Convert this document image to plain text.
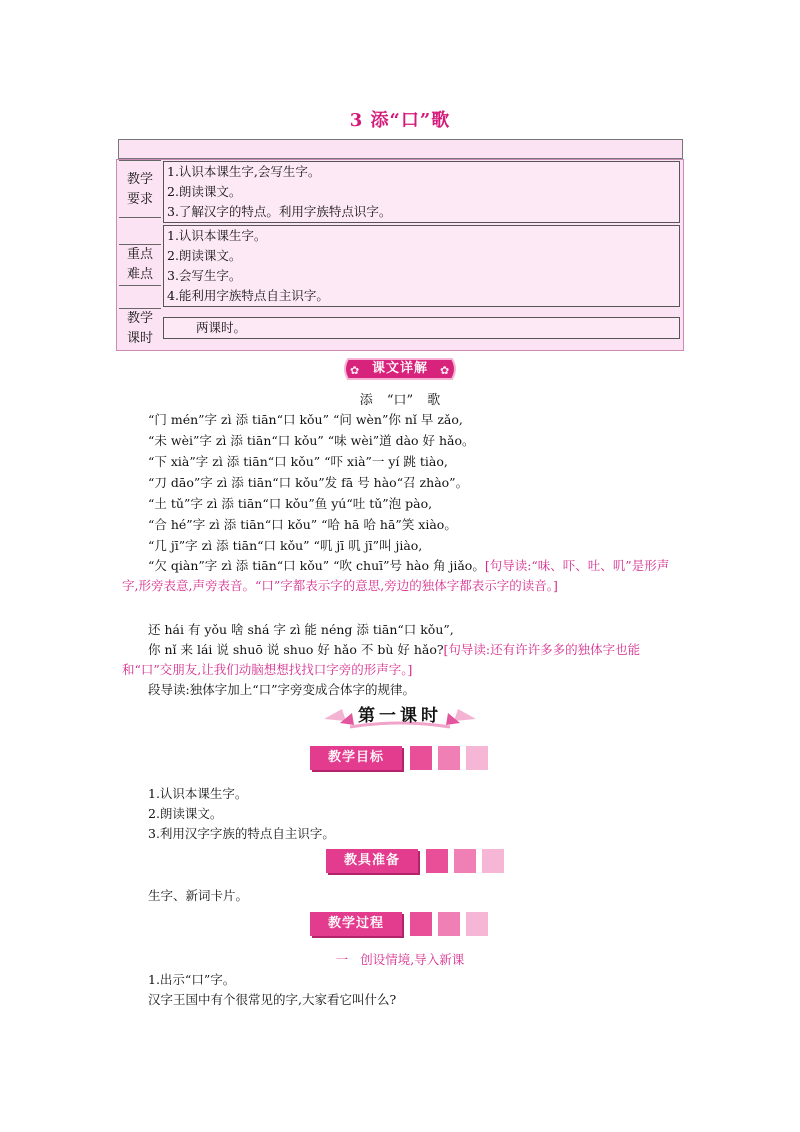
3 添“口”歌
教学
要求
1.认识本课生字,会写生字。
2.朗读课文。
3.了解汉字的特点。利用字族特点识字。
重点
难点
1.认识本课生字。
2.朗读课文。
3.会写生字。
4.能利用字族特点自主识字。
教学
课时
两课时。
✿	✿
课文详解
添 “口” 歌
“门 mén”字 zì 添 tiān“口 kǒu” “问 wèn”你 nǐ 早 zǎo,
“未 wèi”字 zì 添 tiān“口 kǒu” “味 wèi”道 dào 好 hǎo。
“下 xià”字 zì 添 tiān“口 kǒu” “吓 xià”一 yí 跳 tiào,
“刀 dāo”字 zì 添 tiān“口 kǒu”发 fā 号 hào“召 zhào”。
“土 tǔ”字 zì 添 tiān“口 kǒu”鱼 yú“吐 tǔ”泡 pào,
“合 hé”字 zì 添 tiān“口 kǒu” “哈 hā 哈 hā”笑 xiào。
“几 jī”字 zì 添 tiān“口 kǒu” “叽 jī 叽 jī”叫 jiào,
“欠 qiàn”字 zì 添 tiān“口 kǒu” “吹 chuī”号 hào 角 jiǎo。[句导读:“味、吓、吐、叽”是形声字,形旁表意,声旁表音。“口”字都表示字的意思,旁边的独体字都表示字的读音。]
还 hái 有 yǒu 啥 shá 字 zì 能 néng 添 tiān“口 kǒu”,
你 nǐ 来 lái 说 shuō 说 shuo 好 hǎo 不 bù 好 hǎo?[句导读:还有许许多多的独体字也能和“口”交朋友,让我们动脑想想找找口字旁的形声字。]
段导读:独体字加上“口”字旁变成合体字的规律。
第一课时
教学目标
1.认识本课生字。
2.朗读课文。
3.利用汉字字族的特点自主识字。
教具准备
生字、新词卡片。
教学过程
一 创设情境,导入新课
1.出示“口”字。
汉字王国中有个很常见的字,大家看它叫什么?
